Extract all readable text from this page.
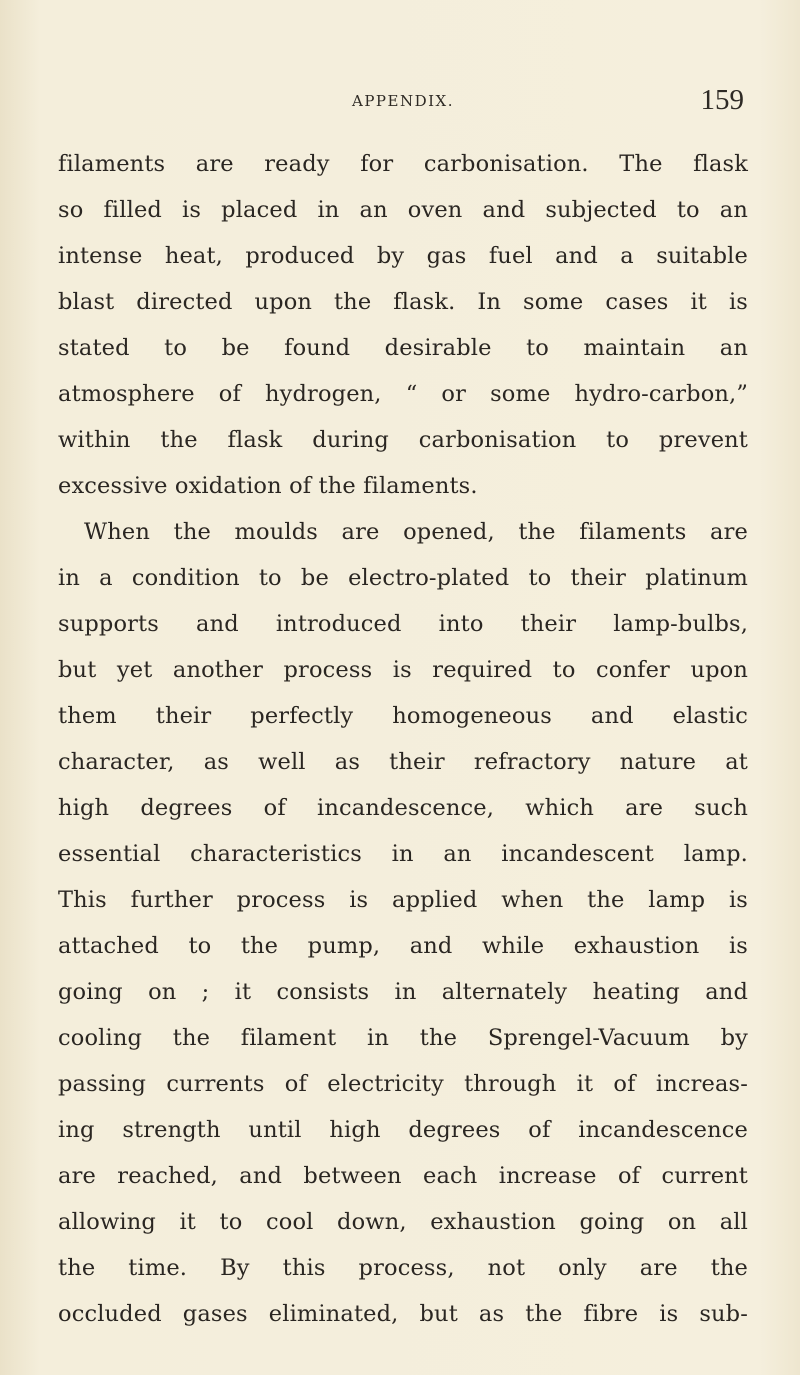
APPENDIX.	159
filaments are ready for carbonisation. The flask
so filled is placed in an oven and subjected to an
intense heat, produced by gas fuel and a suitable
blast directed upon the flask. In some cases it is
stated to be found desirable to maintain an
atmosphere of hydrogen, “ or some hydro-carbon,”
within the flask during carbonisation to prevent
excessive oxidation of the filaments.
When the moulds are opened, the filaments are
in a condition to be electro-plated to their platinum
supports and introduced into their lamp-bulbs,
but yet another process is required to confer upon
them their perfectly homogeneous and elastic
character, as well as their refractory nature at
high degrees of incandescence, which are such
essential characteristics in an incandescent lamp.
This further process is applied when the lamp is
attached to the pump, and while exhaustion is
going on ; it consists in alternately heating and
cooling the filament in the Sprengel-Vacuum by
passing currents of electricity through it of increas-
ing strength until high degrees of incandescence
are reached, and between each increase of current
allowing it to cool down, exhaustion going on all
the time. By this process, not only are the
occluded gases eliminated, but as the fibre is sub-
